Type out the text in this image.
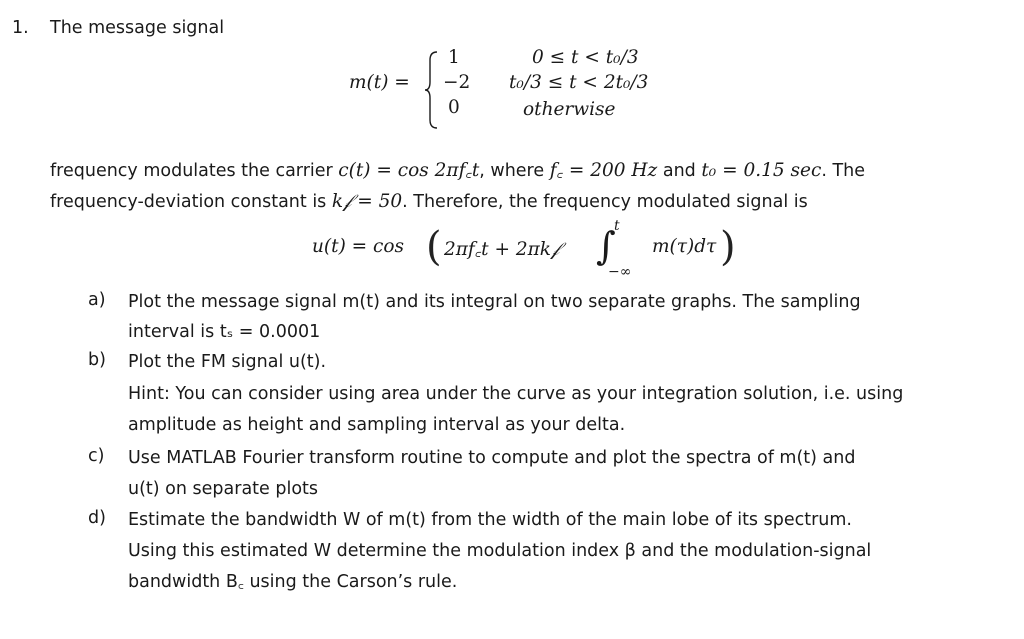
1. The message signal
m(t) =
1
−2
0
0 ≤ t < t₀/3
t₀/3 ≤ t < 2t₀/3
otherwise
frequency modulates the carrier c(t) = cos 2πf꜀t, where f꜀ = 200 Hz and t₀ = 0.15 sec. The
frequency-deviation constant is k𝒻 = 50. Therefore, the frequency modulated signal is
u(t) = cos ( 2πf꜀t + 2πk𝒻 ∫
t
−∞
m(τ)dτ )
a) Plot the message signal m(t) and its integral on two separate graphs. The sampling
interval is tₛ = 0.0001
b) Plot the FM signal u(t).
Hint: You can consider using area under the curve as your integration solution, i.e. using
amplitude as height and sampling interval as your delta.
c) Use MATLAB Fourier transform routine to compute and plot the spectra of m(t) and
u(t) on separate plots
d) Estimate the bandwidth W of m(t) from the width of the main lobe of its spectrum.
Using this estimated W determine the modulation index β and the modulation-signal
bandwidth B꜀ using the Carson’s rule.
